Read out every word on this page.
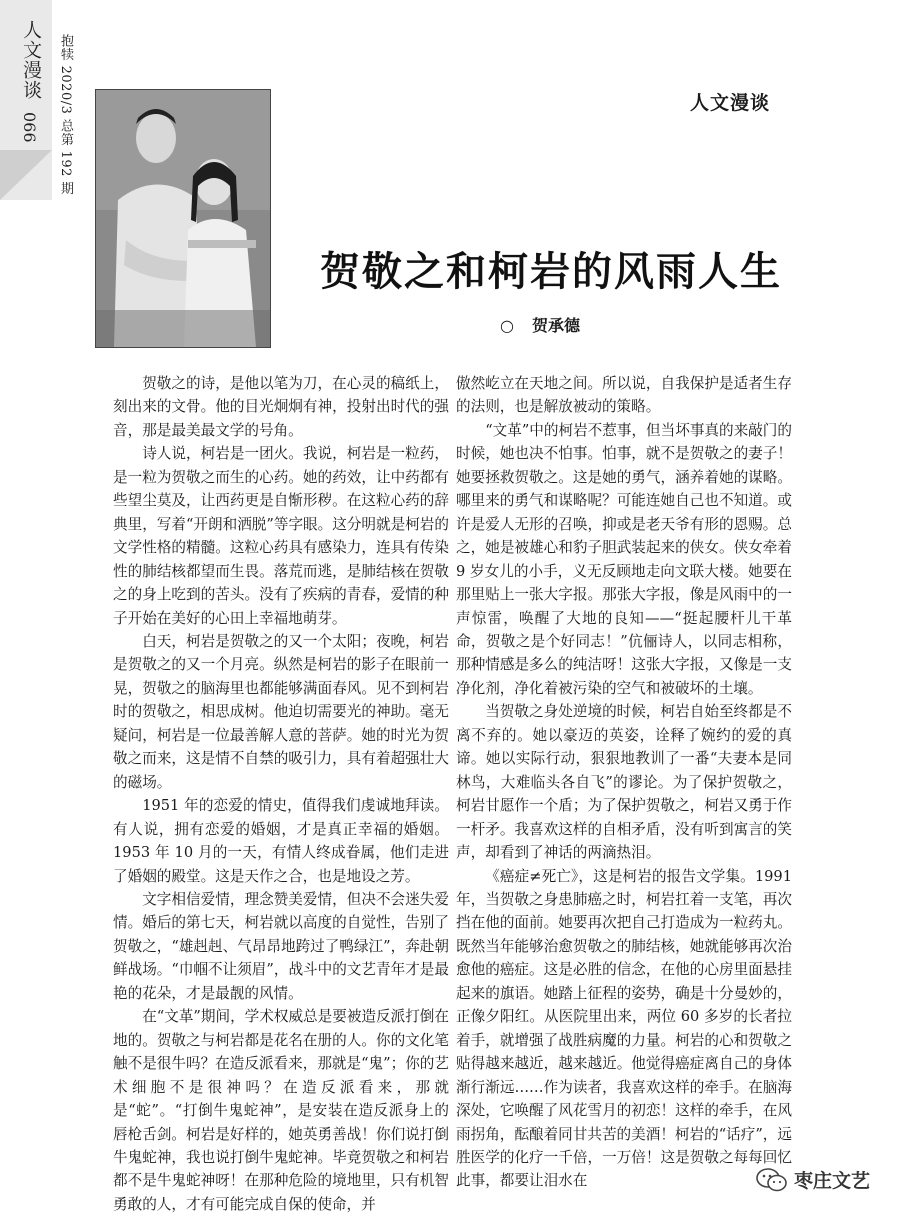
人文漫谈
066 抱犊 2020/3 总第 192 期	人文漫谈
贺敬之和柯岩的风雨人生
○ 贺承德

贺敬之的诗，是他以笔为刀，在心灵的稿纸上，刻出来的文骨。他的目光炯炯有神，投射出时代的强音，那是最美最文学的号角。

诗人说，柯岩是一团火。我说，柯岩是一粒药，是一粒为贺敬之而生的心药。她的药效，让中药都有些望尘莫及，让西药更是自惭形秽。在这粒心药的辞典里，写着“开朗和洒脱”等字眼。这分明就是柯岩的文学性格的精髓。这粒心药具有感染力，连具有传染性的肺结核都望而生畏。落荒而逃，是肺结核在贺敬之的身上吃到的苦头。没有了疾病的青春，爱情的种子开始在美好的心田上幸福地萌芽。

白天，柯岩是贺敬之的又一个太阳；夜晚，柯岩是贺敬之的又一个月亮。纵然是柯岩的影子在眼前一晃，贺敬之的脑海里也都能够满面春风。见不到柯岩时的贺敬之，相思成树。他迫切需要光的神助。毫无疑问，柯岩是一位最善解人意的菩萨。她的时光为贺敬之而来，这是情不自禁的吸引力，具有着超强壮大的磁场。

1951 年的恋爱的情史，值得我们虔诚地拜读。有人说，拥有恋爱的婚姻，才是真正幸福的婚姻。1953 年 10 月的一天，有情人终成眷属，他们走进了婚姻的殿堂。这是天作之合，也是地设之芳。

文字相信爱情，理念赞美爱情，但决不会迷失爱情。婚后的第七天，柯岩就以高度的自觉性，告别了贺敬之，“雄赳赳、气昂昂地跨过了鸭绿江”，奔赴朝鲜战场。“巾帼不让须眉”，战斗中的文艺青年才是最艳的花朵，才是最靓的风情。

在“文革”期间，学术权威总是要被造反派打倒在地的。贺敬之与柯岩都是花名在册的人。你的文化笔触不是很牛吗？在造反派看来，那就是“鬼”；你的艺术细胞不是很神吗？在造反派看来，那就是“蛇”。“打倒牛鬼蛇神”，是安装在造反派身上的唇枪舌剑。柯岩是好样的，她英勇善战！你们说打倒牛鬼蛇神，我也说打倒牛鬼蛇神。毕竟贺敬之和柯岩都不是牛鬼蛇神呀！在那种危险的境地里，只有机智勇敢的人，才有可能完成自保的使命，并

傲然屹立在天地之间。所以说，自我保护是适者生存的法则，也是解放被动的策略。

“文革”中的柯岩不惹事，但当坏事真的来敲门的时候，她也决不怕事。怕事，就不是贺敬之的妻子！她要拯救贺敬之。这是她的勇气，涵养着她的谋略。哪里来的勇气和谋略呢？可能连她自己也不知道。或许是爱人无形的召唤，抑或是老天爷有形的恩赐。总之，她是被雄心和豹子胆武装起来的侠女。侠女牵着 9 岁女儿的小手，义无反顾地走向文联大楼。她要在那里贴上一张大字报。那张大字报，像是风雨中的一声惊雷，唤醒了大地的良知——“挺起腰杆儿干革命，贺敬之是个好同志！”伉俪诗人，以同志相称，那种情感是多么的纯洁呀！这张大字报，又像是一支净化剂，净化着被污染的空气和被破坏的土壤。

当贺敬之身处逆境的时候，柯岩自始至终都是不离不弃的。她以豪迈的英姿，诠释了婉约的爱的真谛。她以实际行动，狠狠地教训了一番“夫妻本是同林鸟，大难临头各自飞”的谬论。为了保护贺敬之，柯岩甘愿作一个盾；为了保护贺敬之，柯岩又勇于作一杆矛。我喜欢这样的自相矛盾，没有听到寓言的笑声，却看到了神话的两滴热泪。

《癌症≠死亡》，这是柯岩的报告文学集。1991 年，当贺敬之身患肺癌之时，柯岩扛着一支笔，再次挡在他的面前。她要再次把自己打造成为一粒药丸。既然当年能够治愈贺敬之的肺结核，她就能够再次治愈他的癌症。这是必胜的信念，在他的心房里面悬挂起来的旗语。她踏上征程的姿势，确是十分曼妙的，正像夕阳红。从医院里出来，两位 60 多岁的长者拉着手，就增强了战胜病魔的力量。柯岩的心和贺敬之贴得越来越近，越来越近。他觉得癌症离自己的身体渐行渐远……作为读者，我喜欢这样的牵手。在脑海深处，它唤醒了风花雪月的初恋！这样的牵手，在风雨拐角，酝酿着同甘共苦的美酒！柯岩的“话疗”，远胜医学的化疗一千倍，一万倍！这是贺敬之每每回忆此事，都要让泪水在	枣庄文艺
